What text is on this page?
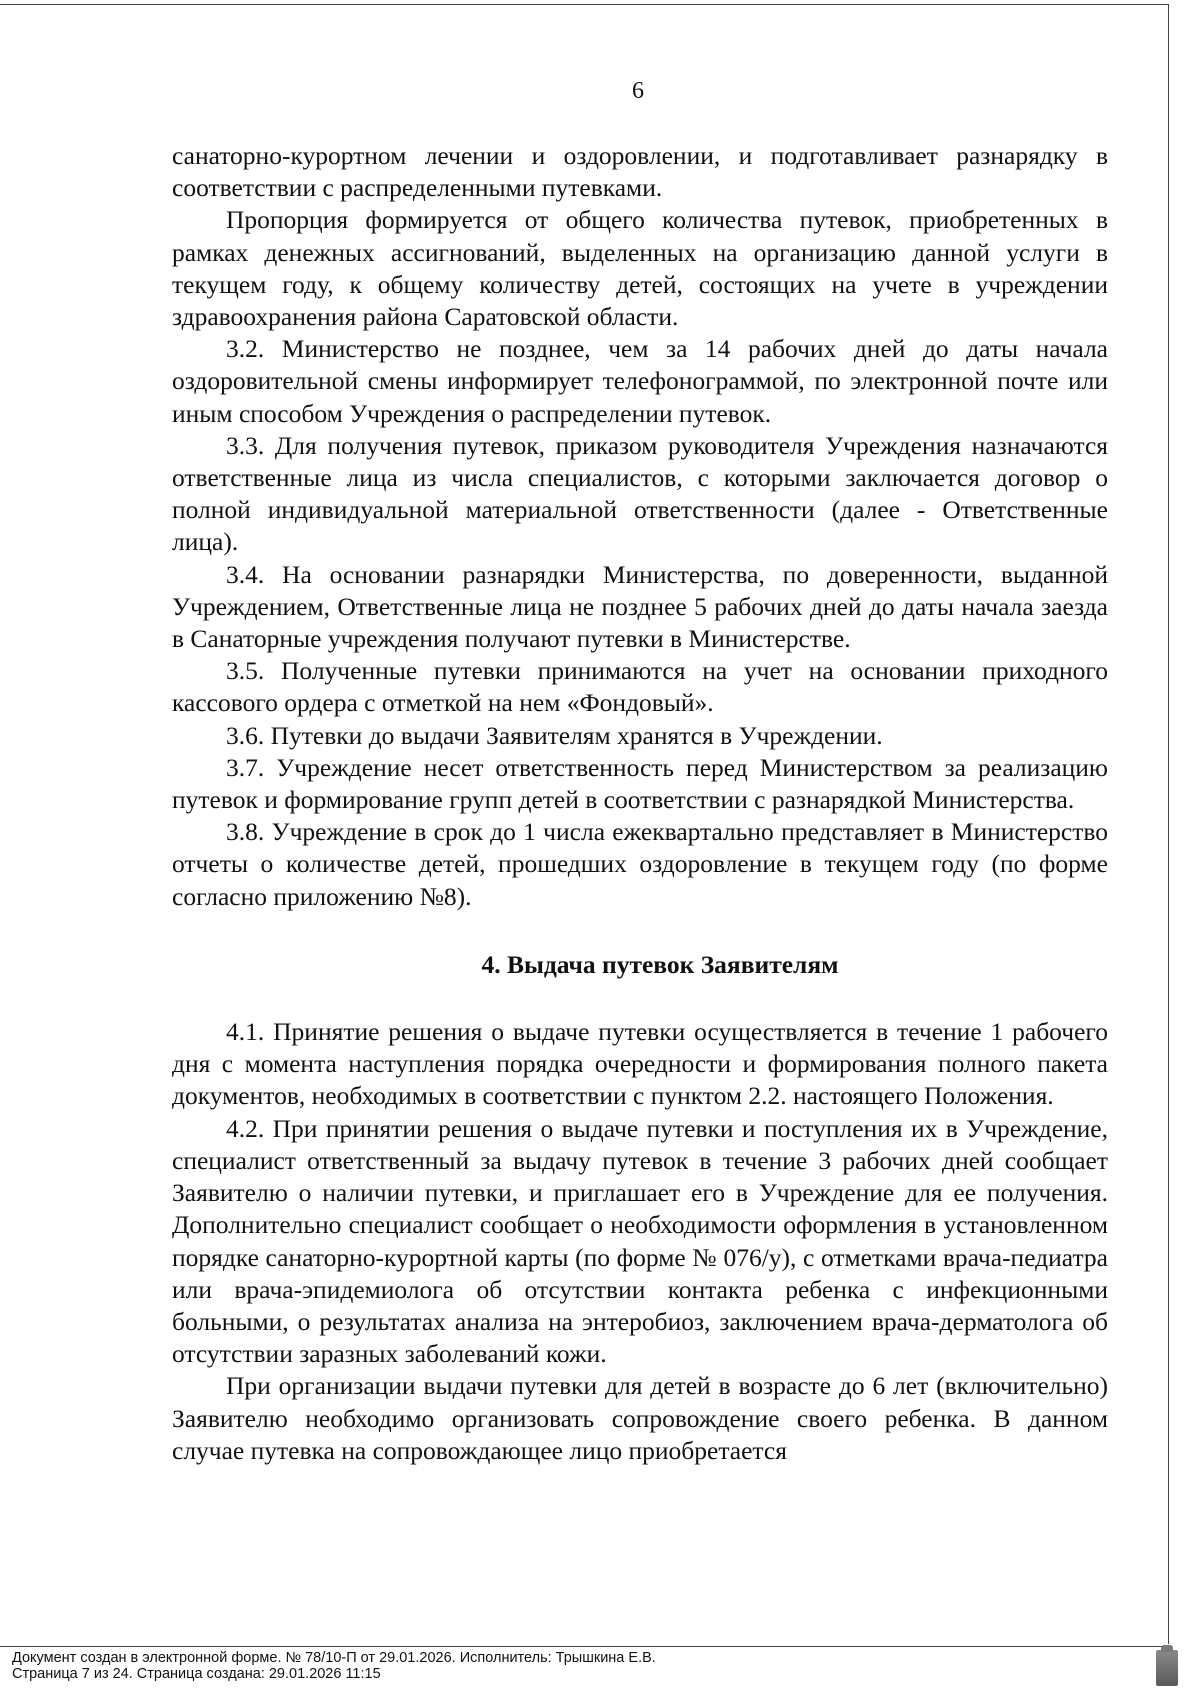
6

санаторно-курортном лечении и оздоровлении, и подготавливает разнарядку в соответствии с распределенными путевками.

Пропорция формируется от общего количества путевок, приобретенных в рамках денежных ассигнований, выделенных на организацию данной услуги в текущем году, к общему количеству детей, состоящих на учете в учреждении здравоохранения района Саратовской области.

3.2. Министерство не позднее, чем за 14 рабочих дней до даты начала оздоровительной смены информирует телефонограммой, по электронной почте или иным способом Учреждения о распределении путевок.

3.3. Для получения путевок, приказом руководителя Учреждения назначаются ответственные лица из числа специалистов, с которыми заключается договор о полной индивидуальной материальной ответственности (далее - Ответственные лица).

3.4. На основании разнарядки Министерства, по доверенности, выданной Учреждением, Ответственные лица не позднее 5 рабочих дней до даты начала заезда в Санаторные учреждения получают путевки в Министерстве.

3.5. Полученные путевки принимаются на учет на основании приходного кассового ордера с отметкой на нем «Фондовый».

3.6. Путевки до выдачи Заявителям хранятся в Учреждении.

3.7. Учреждение несет ответственность перед Министерством за реализацию путевок и формирование групп детей в соответствии с разнарядкой Министерства.

3.8. Учреждение в срок до 1 числа ежеквартально представляет в Министерство отчеты о количестве детей, прошедших оздоровление в текущем году (по форме согласно приложению №8).

4. Выдача путевок Заявителям

4.1. Принятие решения о выдаче путевки осуществляется в течение 1 рабочего дня с момента наступления порядка очередности и формирования полного пакета документов, необходимых в соответствии с пунктом 2.2. настоящего Положения.

4.2. При принятии решения о выдаче путевки и поступления их в Учреждение, специалист ответственный за выдачу путевок в течение 3 рабочих дней сообщает Заявителю о наличии путевки, и приглашает его в Учреждение для ее получения. Дополнительно специалист сообщает о необходимости оформления в установленном порядке санаторно-курортной карты (по форме № 076/у), с отметками врача-педиатра или врача-эпидемиолога об отсутствии контакта ребенка с инфекционными больными, о результатах анализа на энтеробиоз, заключением врача-дерматолога об отсутствии заразных заболеваний кожи.

При организации выдачи путевки для детей в возрасте до 6 лет (включительно) Заявителю необходимо организовать сопровождение своего ребенка. В данном случае путевка на сопровождающее лицо приобретается

Документ создан в электронной форме. № 78/10-П от 29.01.2026. Исполнитель: Трышкина Е.В.
Страница 7 из 24. Страница создана: 29.01.2026 11:15
